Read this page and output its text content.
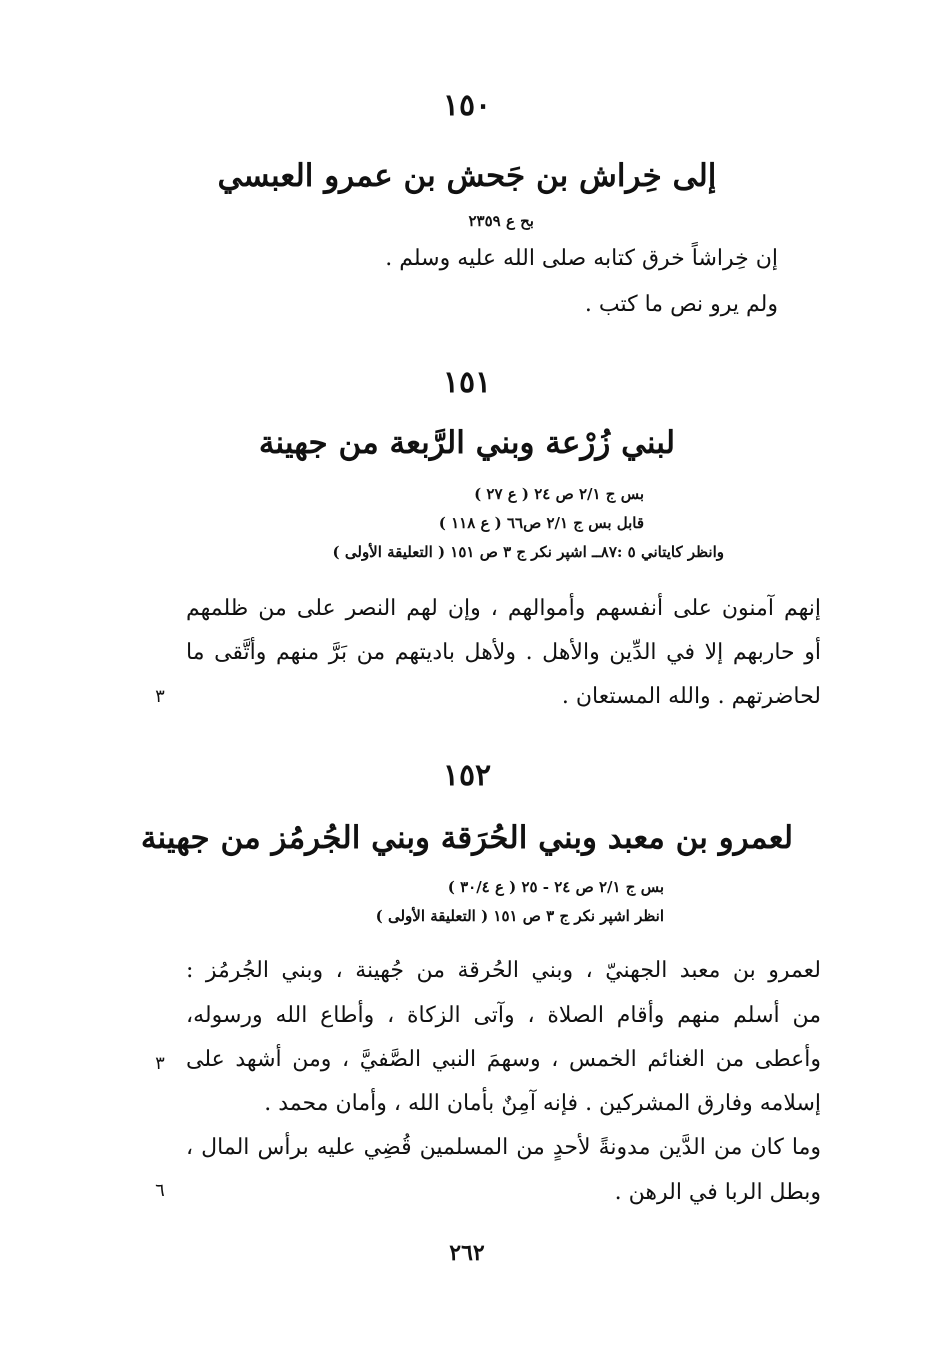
١٥٠
إلى خِراش بن جَحش بن عمرو العبسي
بح ع ٢٣٥٩
إن خِراشاً خرق كتابه صلى الله عليه وسلم .
ولم يرو نص ما كتب .
١٥١
لبني زُرْعة وبني الرَّبعة من جهينة
بس ج ٢/١ ص ٢٤ ( ع ٢٧ )
قابل بس ج ٢/١ ص٦٦ ( ع ١١٨ )
وانظر كايتاني ٥ :٨٧ــ اشپر نكر ج ٣ ص ١٥١ ( التعليقة الأولى )
إنهم آمنون على أنفسهم وأموالهم ، وإن لهم النصر على من ظلمهم
أو حاربهم إلا في الدِّين والأهل . ولأهل باديتهم من بَرَّ منهم وأتَّقى ما
لحاضرتهم . والله المستعان .
٣
١٥٢
لعمرو بن معبد وبني الحُرَقة وبني الجُرمُز من جهينة
بس ج ٢/١ ص ٢٤ - ٢٥ ( ع ٣٠/٤ )
انظر اشپر نكر ج ٣ ص ١٥١ ( التعليقة الأولى )
لعمرو بن معبد الجهنيّ ، وبني الحُرقة من جُهينة ، وبني الجُرمُز :
من أسلم منهم وأقام الصلاة ، وآتى الزكاة ، وأطاع الله ورسوله،
وأعطى من الغنائم الخمس ، وسهمَ النبي الصَّفيَّ ، ومن أشهد على
٣
إسلامه وفارق المشركين . فإنه آمِنٌ بأمان الله ، وأمان محمد .
وما كان من الدَّين مدونةً لأحدٍ من المسلمين قُضِي عليه برأس المال ،
وبطل الربا في الرهن .
٦
٢٦٢
